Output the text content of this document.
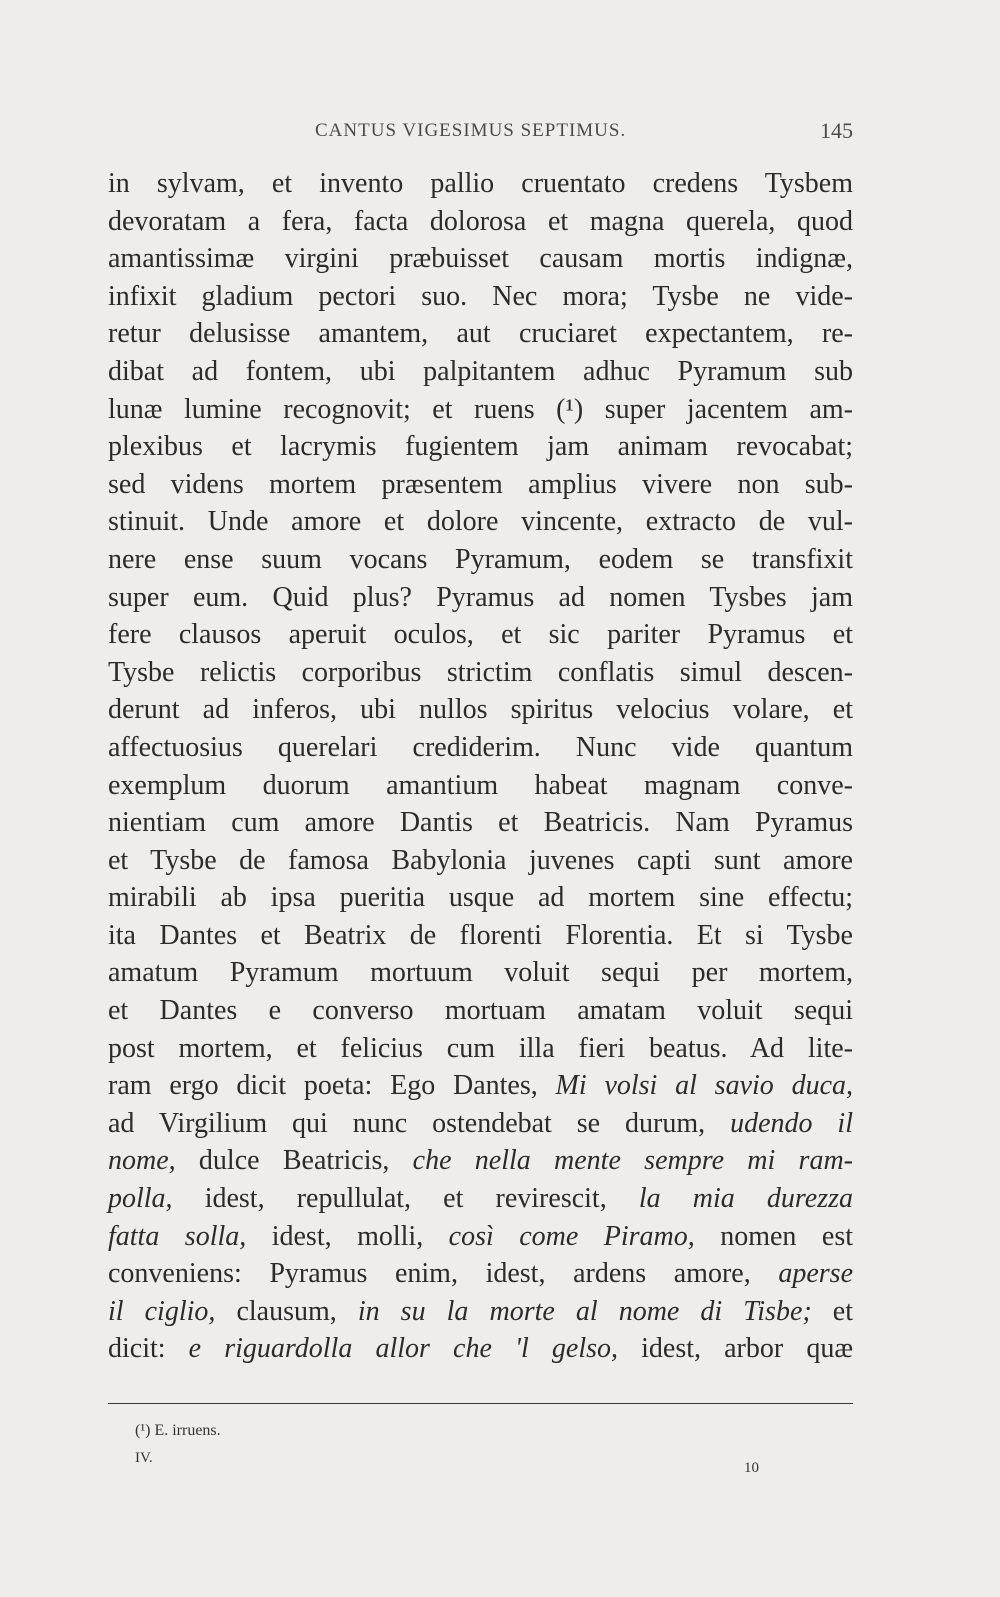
CANTUS VIGESIMUS SEPTIMUS.	145
in sylvam, et invento pallio cruentato credens Tysbem
devoratam a fera, facta dolorosa et magna querela, quod
amantissimæ virgini præbuisset causam mortis indignæ,
infixit gladium pectori suo. Nec mora; Tysbe ne vide-
retur delusisse amantem, aut cruciaret expectantem, re-
dibat ad fontem, ubi palpitantem adhuc Pyramum sub
lunæ lumine recognovit; et ruens (¹) super jacentem am-
plexibus et lacrymis fugientem jam animam revocabat;
sed videns mortem præsentem amplius vivere non sub-
stinuit. Unde amore et dolore vincente, extracto de vul-
nere ense suum vocans Pyramum, eodem se transfixit
super eum. Quid plus? Pyramus ad nomen Tysbes jam
fere clausos aperuit oculos, et sic pariter Pyramus et
Tysbe relictis corporibus strictim conflatis simul descen-
derunt ad inferos, ubi nullos spiritus velocius volare, et
affectuosius querelari crediderim. Nunc vide quantum
exemplum duorum amantium habeat magnam conve-
nientiam cum amore Dantis et Beatricis. Nam Pyramus
et Tysbe de famosa Babylonia juvenes capti sunt amore
mirabili ab ipsa pueritia usque ad mortem sine effectu;
ita Dantes et Beatrix de florenti Florentia. Et si Tysbe
amatum Pyramum mortuum voluit sequi per mortem,
et Dantes e converso mortuam amatam voluit sequi
post mortem, et felicius cum illa fieri beatus. Ad lite-
ram ergo dicit poeta: Ego Dantes, Mi volsi al savio duca,
ad Virgilium qui nunc ostendebat se durum, udendo il
nome, dulce Beatricis, che nella mente sempre mi ram-
polla, idest, repullulat, et revirescit, la mia durezza
fatta solla, idest, molli, così come Piramo, nomen est
conveniens: Pyramus enim, idest, ardens amore, aperse
il ciglio, clausum, in su la morte al nome di Tisbe; et
dicit: e riguardolla allor che 'l gelso, idest, arbor quæ
(¹) E. irruens.
IV.
10
